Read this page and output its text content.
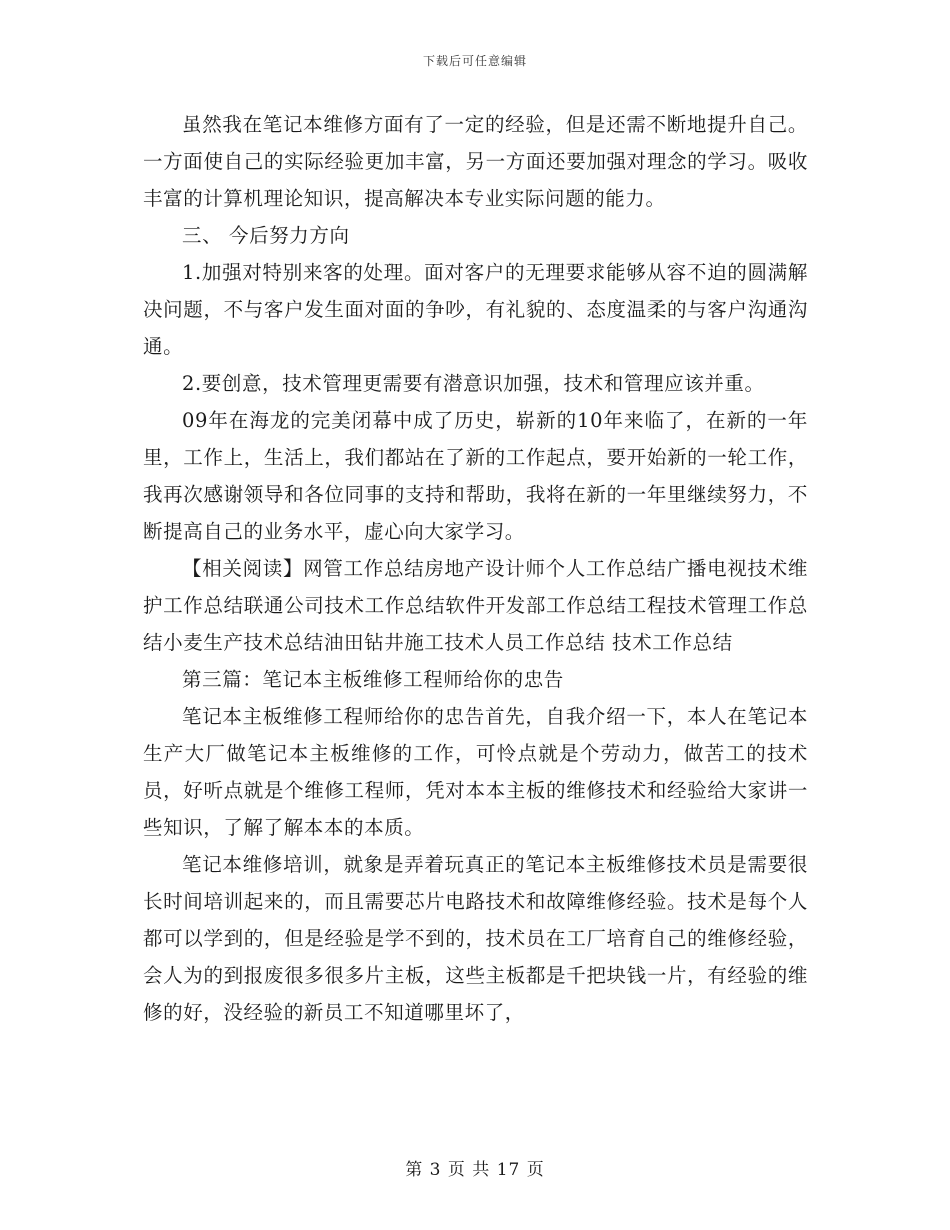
下载后可任意编辑

虽然我在笔记本维修方面有了一定的经验，但是还需不断地提升自己。一方面使自己的实际经验更加丰富，另一方面还要加强对理念的学习。吸收丰富的计算机理论知识，提高解决本专业实际问题的能力。

三、 今后努力方向

1.加强对特别来客的处理。面对客户的无理要求能够从容不迫的圆满解决问题，不与客户发生面对面的争吵，有礼貌的、态度温柔的与客户沟通沟通。

2.要创意，技术管理更需要有潜意识加强，技术和管理应该并重。

09年在海龙的完美闭幕中成了历史，崭新的10年来临了，在新的一年里，工作上，生活上，我们都站在了新的工作起点，要开始新的一轮工作，我再次感谢领导和各位同事的支持和帮助，我将在新的一年里继续努力，不断提高自己的业务水平，虚心向大家学习。

【相关阅读】网管工作总结房地产设计师个人工作总结广播电视技术维护工作总结联通公司技术工作总结软件开发部工作总结工程技术管理工作总结小麦生产技术总结油田钻井施工技术人员工作总结 技术工作总结

第三篇：笔记本主板维修工程师给你的忠告

笔记本主板维修工程师给你的忠告首先，自我介绍一下，本人在笔记本生产大厂做笔记本主板维修的工作，可怜点就是个劳动力，做苦工的技术员，好听点就是个维修工程师，凭对本本主板的维修技术和经验给大家讲一些知识，了解了解本本的本质。

笔记本维修培训，就象是弄着玩真正的笔记本主板维修技术员是需要很长时间培训起来的，而且需要芯片电路技术和故障维修经验。技术是每个人都可以学到的，但是经验是学不到的，技术员在工厂培育自己的维修经验，会人为的到报废很多很多片主板，这些主板都是千把块钱一片，有经验的维修的好，没经验的新员工不知道哪里坏了，

第 3 页 共 17 页
